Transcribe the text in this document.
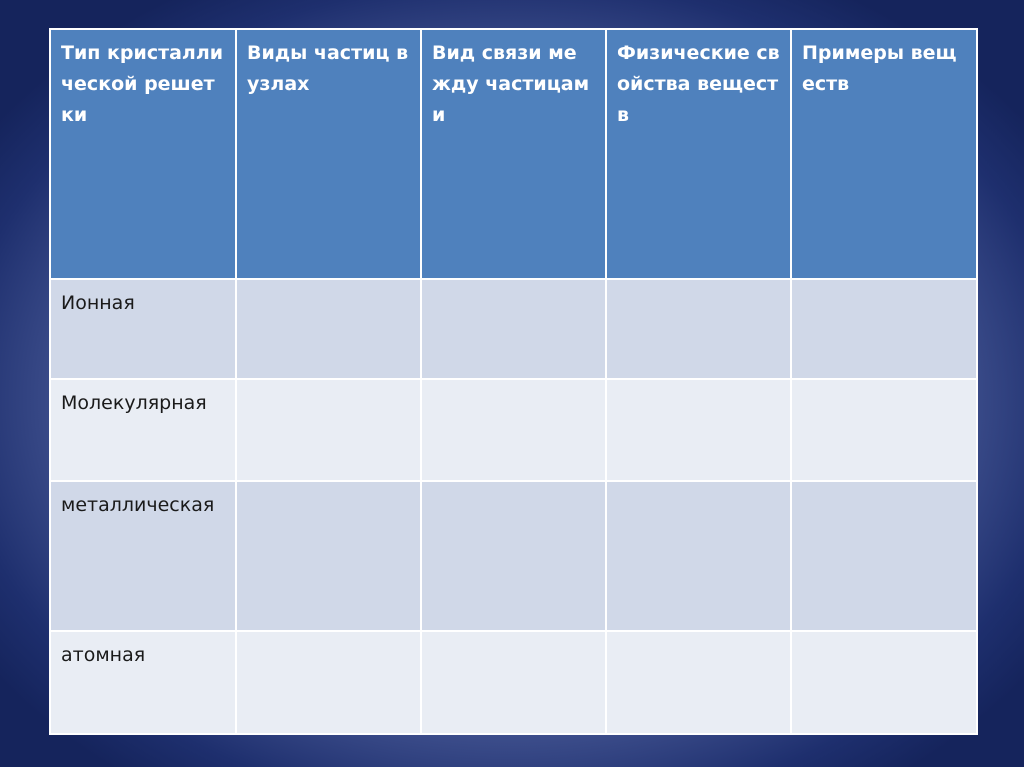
Тип кристаллической решетки	Виды частиц в узлах	Вид связи между частицами	Физические свойства веществ	Примеры веществ
Ионная				
Молекулярная				
металлическая				
атомная				
